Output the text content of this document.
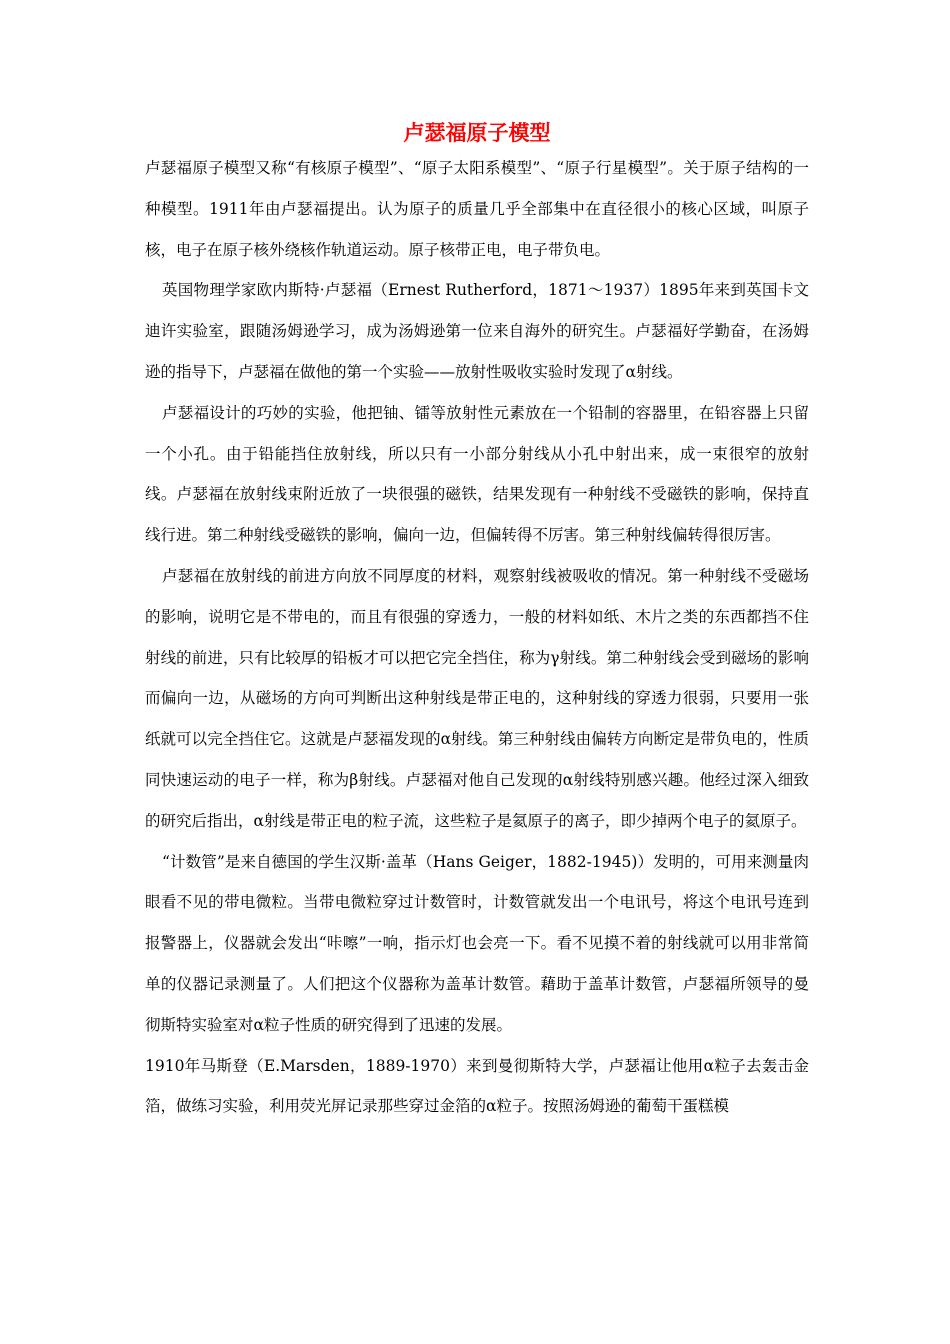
卢瑟福原子模型

卢瑟福原子模型又称“有核原子模型”、“原子太阳系模型”、“原子行星模型”。关于原子结构的一种模型。1911年由卢瑟福提出。认为原子的质量几乎全部集中在直径很小的核心区域，叫原子核，电子在原子核外绕核作轨道运动。原子核带正电，电子带负电。

英国物理学家欧内斯特·卢瑟福（Ernest Rutherford，1871～1937）1895年来到英国卡文迪许实验室，跟随汤姆逊学习，成为汤姆逊第一位来自海外的研究生。卢瑟福好学勤奋，在汤姆逊的指导下，卢瑟福在做他的第一个实验——放射性吸收实验时发现了α射线。

卢瑟福设计的巧妙的实验，他把铀、镭等放射性元素放在一个铅制的容器里，在铅容器上只留一个小孔。由于铅能挡住放射线，所以只有一小部分射线从小孔中射出来，成一束很窄的放射线。卢瑟福在放射线束附近放了一块很强的磁铁，结果发现有一种射线不受磁铁的影响，保持直线行进。第二种射线受磁铁的影响，偏向一边，但偏转得不厉害。第三种射线偏转得很厉害。

卢瑟福在放射线的前进方向放不同厚度的材料，观察射线被吸收的情况。第一种射线不受磁场的影响，说明它是不带电的，而且有很强的穿透力，一般的材料如纸、木片之类的东西都挡不住射线的前进，只有比较厚的铅板才可以把它完全挡住，称为γ射线。第二种射线会受到磁场的影响而偏向一边，从磁场的方向可判断出这种射线是带正电的，这种射线的穿透力很弱，只要用一张纸就可以完全挡住它。这就是卢瑟福发现的α射线。第三种射线由偏转方向断定是带负电的，性质同快速运动的电子一样，称为β射线。卢瑟福对他自己发现的α射线特别感兴趣。他经过深入细致的研究后指出，α射线是带正电的粒子流，这些粒子是氦原子的离子，即少掉两个电子的氦原子。

“计数管”是来自德国的学生汉斯·盖革（Hans Geiger，1882-1945)）发明的，可用来测量肉眼看不见的带电微粒。当带电微粒穿过计数管时，计数管就发出一个电讯号，将这个电讯号连到报警器上，仪器就会发出“咔嚓”一响，指示灯也会亮一下。看不见摸不着的射线就可以用非常简单的仪器记录测量了。人们把这个仪器称为盖革计数管。藉助于盖革计数管，卢瑟福所领导的曼彻斯特实验室对α粒子性质的研究得到了迅速的发展。

1910年马斯登（E.Marsden，1889-1970）来到曼彻斯特大学，卢瑟福让他用α粒子去轰击金箔，做练习实验，利用荧光屏记录那些穿过金箔的α粒子。按照汤姆逊的葡萄干蛋糕模
